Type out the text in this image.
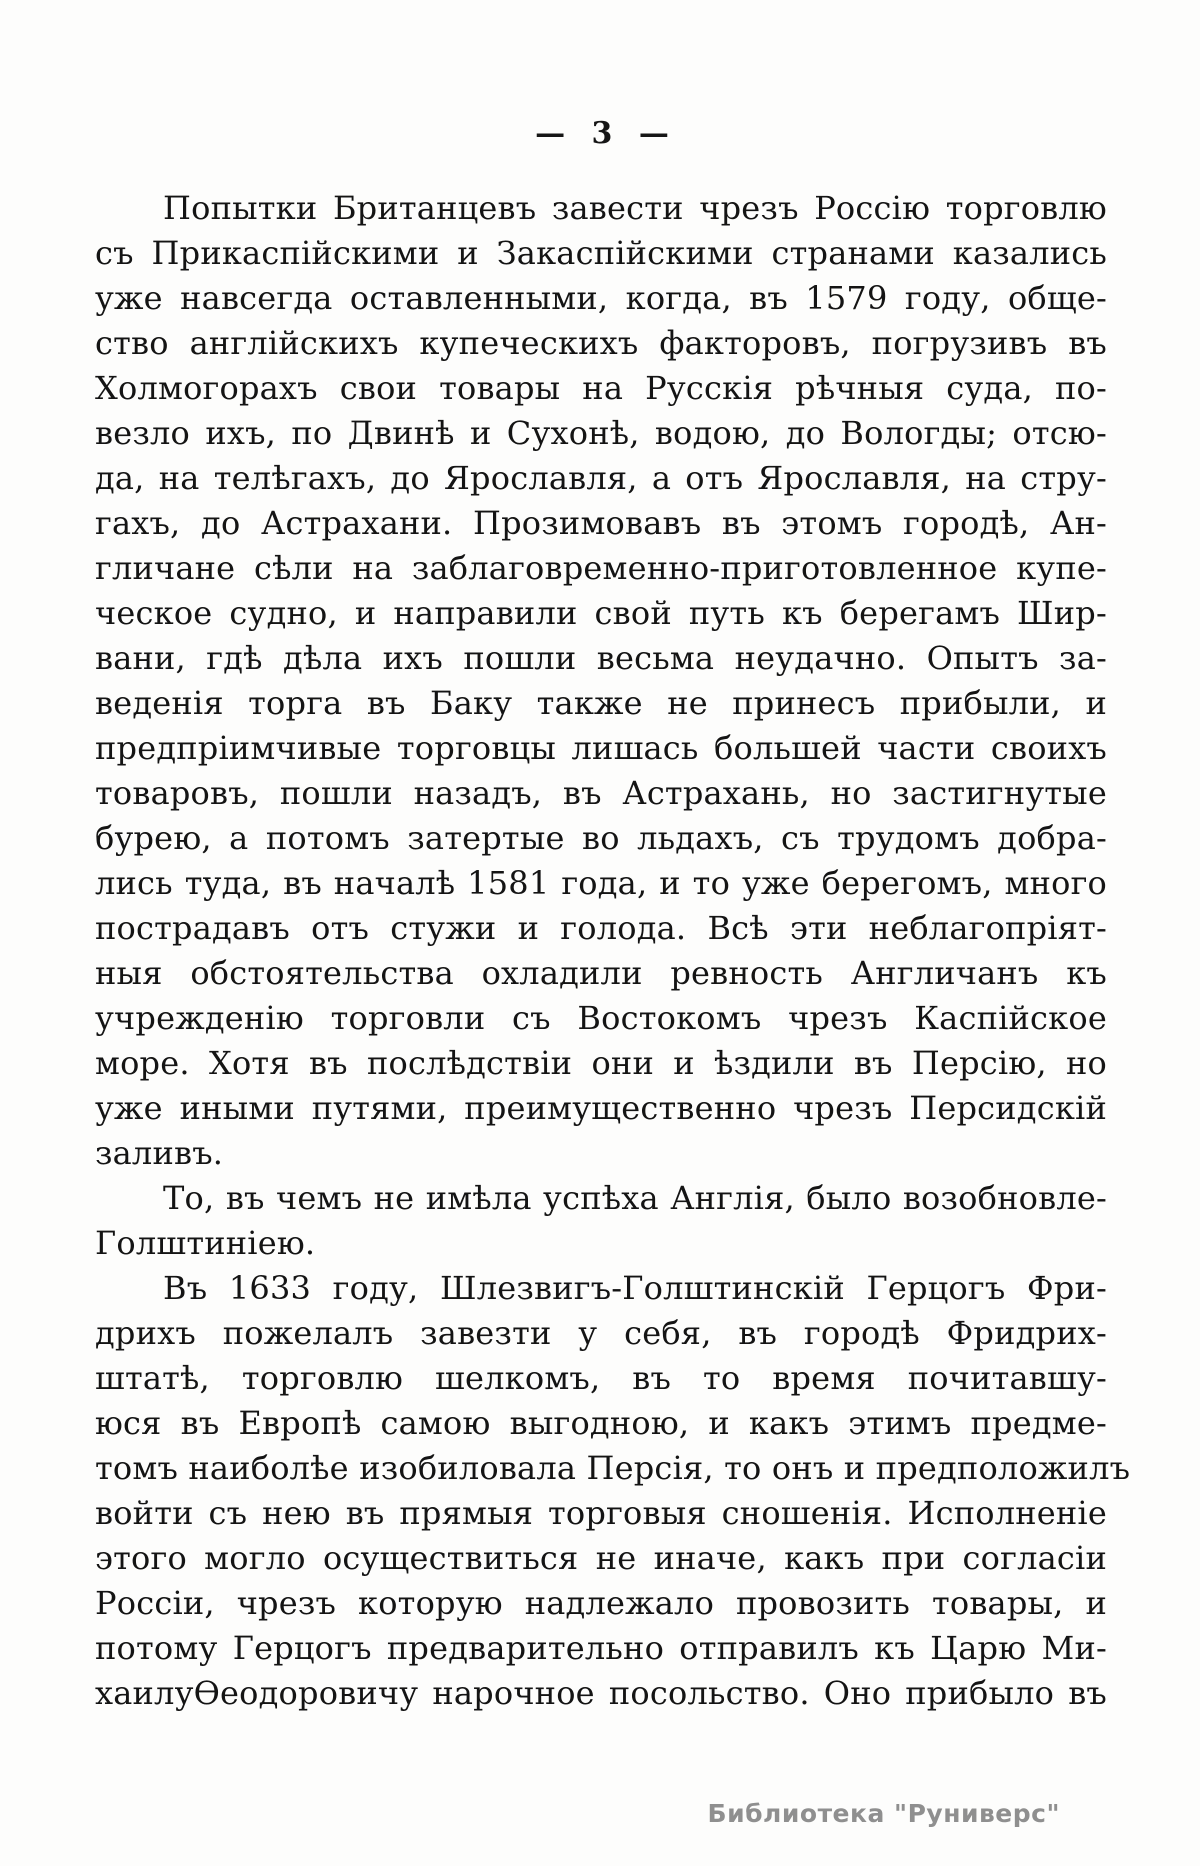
— 3 —
Попытки Британцевъ завести чрезъ Россію торговлю
съ Прикаспійскими и Закаспійскими странами казались
уже навсегда оставленными, когда, въ 1579 году, обще-
ство англійскихъ купеческихъ факторовъ, погрузивъ въ
Холмогорахъ свои товары на Русскія рѣчныя суда, по-
везло ихъ, по Двинѣ и Сухонѣ, водою, до Вологды; отсю-
да, на телѣгахъ, до Ярославля, а отъ Ярославля, на стру-
гахъ, до Астрахани. Прозимовавъ въ этомъ городѣ, Ан-
гличане сѣли на заблаговременно-приготовленное купе-
ческое судно, и направили свой путь къ берегамъ Шир-
вани, гдѣ дѣла ихъ пошли весьма неудачно. Опытъ за-
веденія торга въ Баку также не принесъ прибыли, и
предпріимчивые торговцы лишась большей части своихъ
товаровъ, пошли назадъ, въ Астрахань, но застигнутые
бурею, а потомъ затертые во льдахъ, съ трудомъ добра-
лись туда, въ началѣ 1581 года, и то уже берегомъ, много
пострадавъ отъ стужи и голода. Всѣ эти неблагопріят-
ныя обстоятельства охладили ревность Англичанъ къ
учрежденію торговли съ Востокомъ чрезъ Каспійское
море. Хотя въ послѣдствіи они и ѣздили въ Персію, но
уже иными путями, преимущественно чрезъ Персидскій
заливъ.
То, въ чемъ не имѣла успѣха Англія, было возобновле-
Голштиніею.
Въ 1633 году, Шлезвигъ-Голштинскій Герцогъ Фри-
дрихъ пожелалъ завезти у себя, въ городѣ Фридрих-
штатѣ, торговлю шелкомъ, въ то время почитавшу-
юся въ Европѣ самою выгодною, и какъ этимъ предме-
томъ наиболѣе изобиловала Персія, то онъ и предположилъ
войти съ нею въ прямыя торговыя сношенія. Исполненіе
этого могло осуществиться не иначе, какъ при согласіи
Россіи, чрезъ которую надлежало провозить товары, и
потому Герцогъ предварительно отправилъ къ Царю Ми-
хаилуѲеодоровичу нарочное посольство. Оно прибыло въ
Библиотека "Руниверс"
